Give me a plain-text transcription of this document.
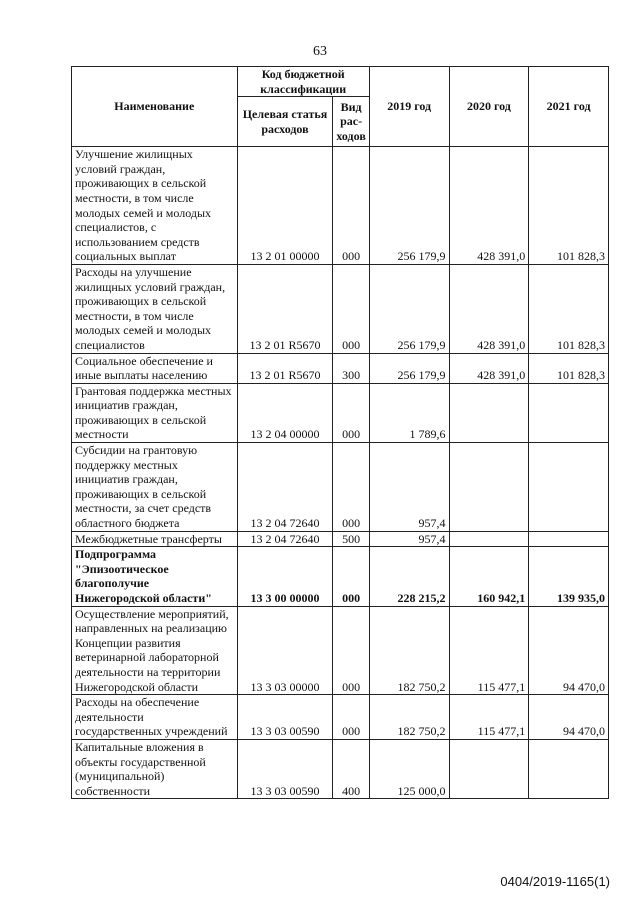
63
Наименование	Код бюджетной классификации		2019 год	2020 год	2021 год
	Целевая статья расходов	Вид рас-ходов			
Улучшение жилищных условий граждан, проживающих в сельской местности, в том числе молодых семей и молодых специалистов, с использованием средств социальных выплат	13 2 01 00000	000	256 179,9	428 391,0	101 828,3
Расходы на улучшение жилищных условий граждан, проживающих в сельской местности, в том числе молодых семей и молодых специалистов	13 2 01 R5670	000	256 179,9	428 391,0	101 828,3
Социальное обеспечение и иные выплаты населению	13 2 01 R5670	300	256 179,9	428 391,0	101 828,3
Грантовая поддержка местных инициатив граждан, проживающих в сельской местности	13 2 04 00000	000	1 789,6		
Субсидии на грантовую поддержку местных инициатив граждан, проживающих в сельской местности, за счет средств областного бюджета	13 2 04 72640	000	957,4		
Межбюджетные трансферты	13 2 04 72640	500	957,4		
Подпрограмма "Эпизоотическое благополучие Нижегородской области"	13 3 00 00000	000	228 215,2	160 942,1	139 935,0
Осуществление мероприятий, направленных на реализацию Концепции развития ветеринарной лабораторной деятельности на территории Нижегородской области	13 3 03 00000	000	182 750,2	115 477,1	94 470,0
Расходы на обеспечение деятельности государственных учреждений	13 3 03 00590	000	182 750,2	115 477,1	94 470,0
Капитальные вложения в объекты государственной (муниципальной) собственности	13 3 03 00590	400	125 000,0		
0404/2019-1165(1)
